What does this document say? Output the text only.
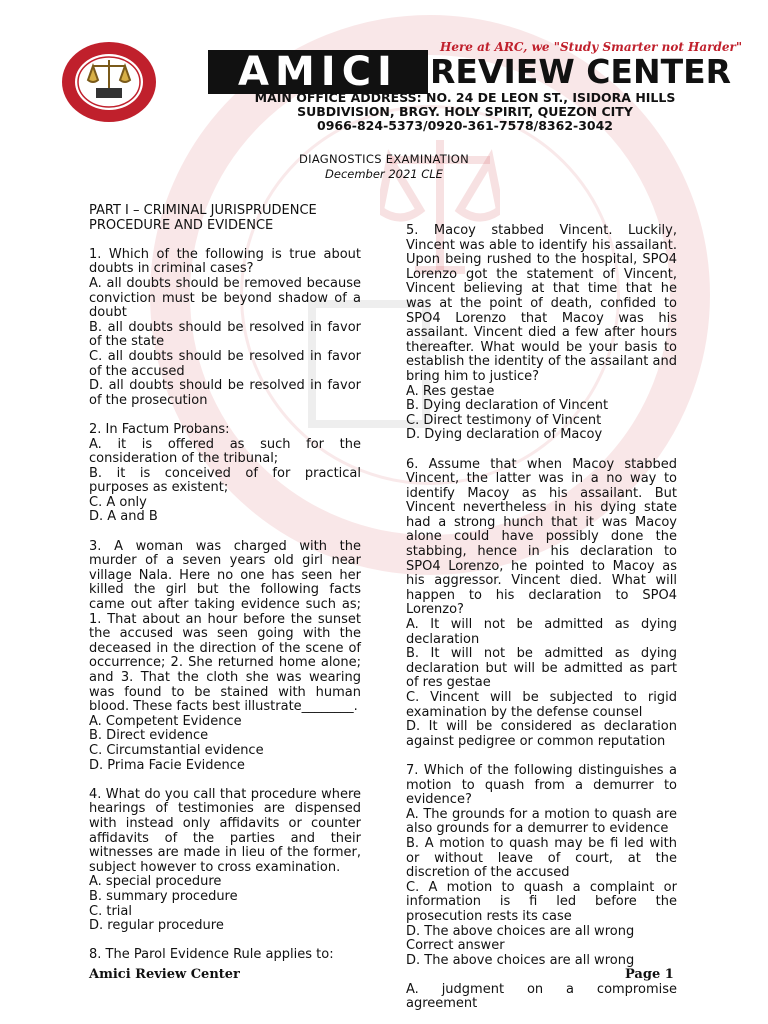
Here at ARC, we "Study Smarter not Harder"
AMICI REVIEW CENTER
MAIN OFFICE ADDRESS: NO. 24 DE LEON ST., ISIDORA HILLS
SUBDIVISION, BRGY. HOLY SPIRIT, QUEZON CITY
0966-824-5373/0920-361-7578/8362-3042
DIAGNOSTICS EXAMINATION
December 2021 CLE

PART I – CRIMINAL JURISPRUDENCE

PROCEDURE AND EVIDENCE

1. Which of the following is true about doubts in criminal cases?

A. all doubts should be removed because conviction must be beyond shadow of a doubt

B. all doubts should be resolved in favor of the state

C. all doubts should be resolved in favor of the accused

D. all doubts should be resolved in favor of the prosecution

2. In Factum Probans:

A. it is offered as such for the consideration of the tribunal;

B. it is conceived of for practical purposes as existent;

C. A only

D. A and B

3. A woman was charged with the murder of a seven years old girl near village Nala. Here no one has seen her killed the girl but the following facts came out after taking evidence such as; 1. That about an hour before the sunset the accused was seen going with the deceased in the direction of the scene of occurrence; 2. She returned home alone; and 3. That the cloth she was wearing was found to be stained with human blood. These facts best illustrate________.

A. Competent Evidence

B. Direct evidence

C. Circumstantial evidence

D. Prima Facie Evidence

4. What do you call that procedure where hearings of testimonies are dispensed with instead only affidavits or counter affidavits of the parties and their witnesses are made in lieu of the former, subject however to cross examination.

A. special procedure

B. summary procedure

C. trial

D. regular procedure

8. The Parol Evidence Rule applies to:

5. Macoy stabbed Vincent. Luckily, Vincent was able to identify his assailant. Upon being rushed to the hospital, SPO4 Lorenzo got the statement of Vincent, Vincent believing at that time that he was at the point of death, confided to SPO4 Lorenzo that Macoy was his assailant. Vincent died a few after hours thereafter. What would be your basis to establish the identity of the assailant and bring him to justice?

A. Res gestae

B. Dying declaration of Vincent

C. Direct testimony of Vincent

D. Dying declaration of Macoy

6. Assume that when Macoy stabbed Vincent, the latter was in a no way to identify Macoy as his assailant. But Vincent nevertheless in his dying state had a strong hunch that it was Macoy alone could have possibly done the stabbing, hence in his declaration to SPO4 Lorenzo, he pointed to Macoy as his aggressor. Vincent died. What will happen to his declaration to SPO4 Lorenzo?

A. It will not be admitted as dying declaration

B. It will not be admitted as dying declaration but will be admitted as part of res gestae

C. Vincent will be subjected to rigid examination by the defense counsel

D. It will be considered as declaration against pedigree or common reputation

7. Which of the following distinguishes a motion to quash from a demurrer to evidence?

A. The grounds for a motion to quash are also grounds for a demurrer to evidence

B. A motion to quash may be fi led with or without leave of court, at the discretion of the accused

C. A motion to quash a complaint or information is fi led before the prosecution rests its case

D. The above choices are all wrong

Correct answer

D. The above choices are all wrong

A. judgment on a compromise agreement

Amici Review Center	Page 1
